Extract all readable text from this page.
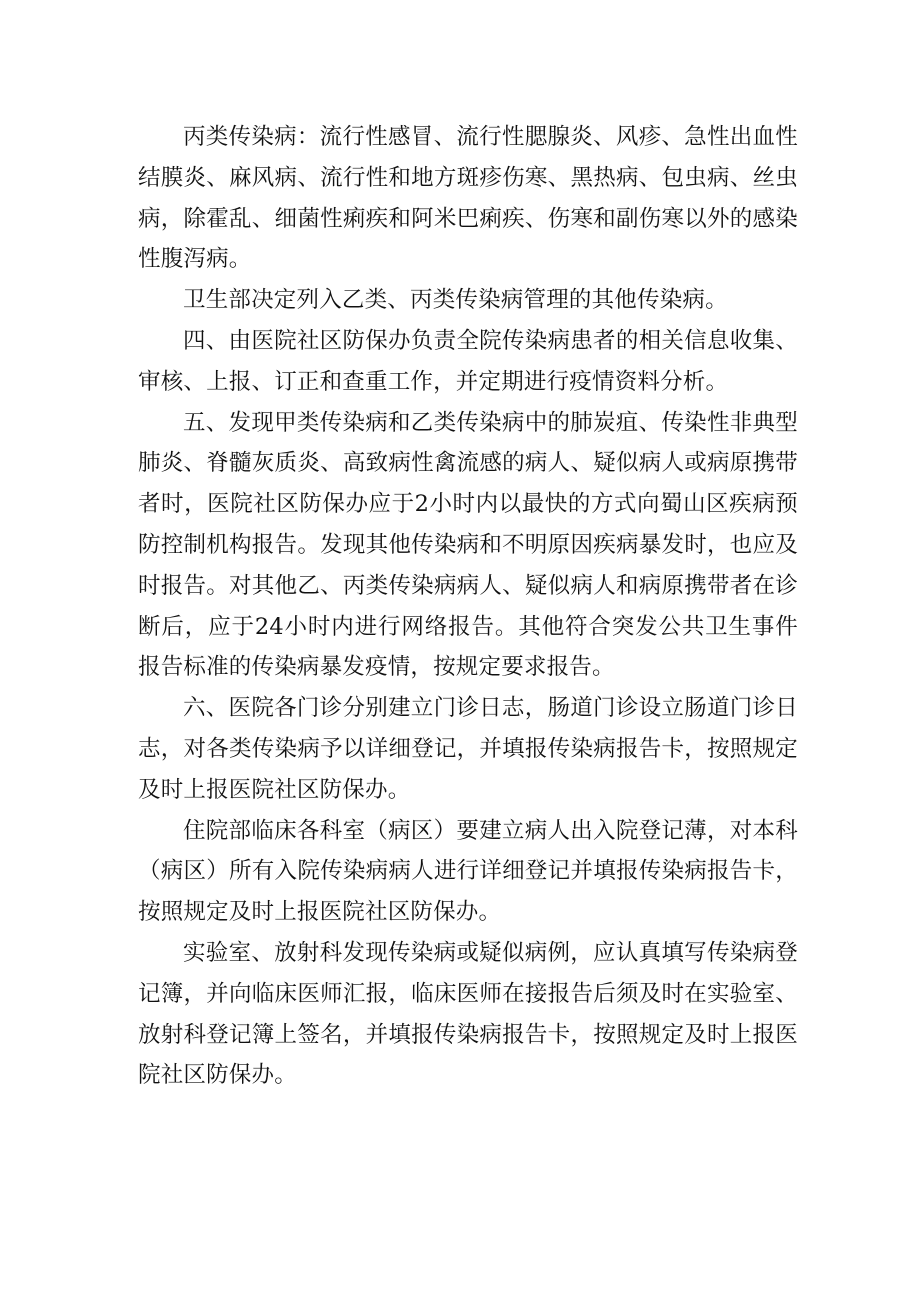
丙类传染病：流行性感冒、流行性腮腺炎、风疹、急性出血性结膜炎、麻风病、流行性和地方斑疹伤寒、黑热病、包虫病、丝虫病，除霍乱、细菌性痢疾和阿米巴痢疾、伤寒和副伤寒以外的感染性腹泻病。

卫生部决定列入乙类、丙类传染病管理的其他传染病。

四、由医院社区防保办负责全院传染病患者的相关信息收集、审核、上报、订正和查重工作，并定期进行疫情资料分析。

五、发现甲类传染病和乙类传染病中的肺炭疽、传染性非典型肺炎、脊髓灰质炎、高致病性禽流感的病人、疑似病人或病原携带者时，医院社区防保办应于2小时内以最快的方式向蜀山区疾病预防控制机构报告。发现其他传染病和不明原因疾病暴发时，也应及时报告。对其他乙、丙类传染病病人、疑似病人和病原携带者在诊断后，应于24小时内进行网络报告。其他符合突发公共卫生事件报告标准的传染病暴发疫情，按规定要求报告。

六、医院各门诊分别建立门诊日志，肠道门诊设立肠道门诊日志，对各类传染病予以详细登记，并填报传染病报告卡，按照规定及时上报医院社区防保办。

住院部临床各科室（病区）要建立病人出入院登记薄，对本科（病区）所有入院传染病病人进行详细登记并填报传染病报告卡，按照规定及时上报医院社区防保办。

实验室、放射科发现传染病或疑似病例，应认真填写传染病登记簿，并向临床医师汇报，临床医师在接报告后须及时在实验室、放射科登记簿上签名，并填报传染病报告卡，按照规定及时上报医院社区防保办。
